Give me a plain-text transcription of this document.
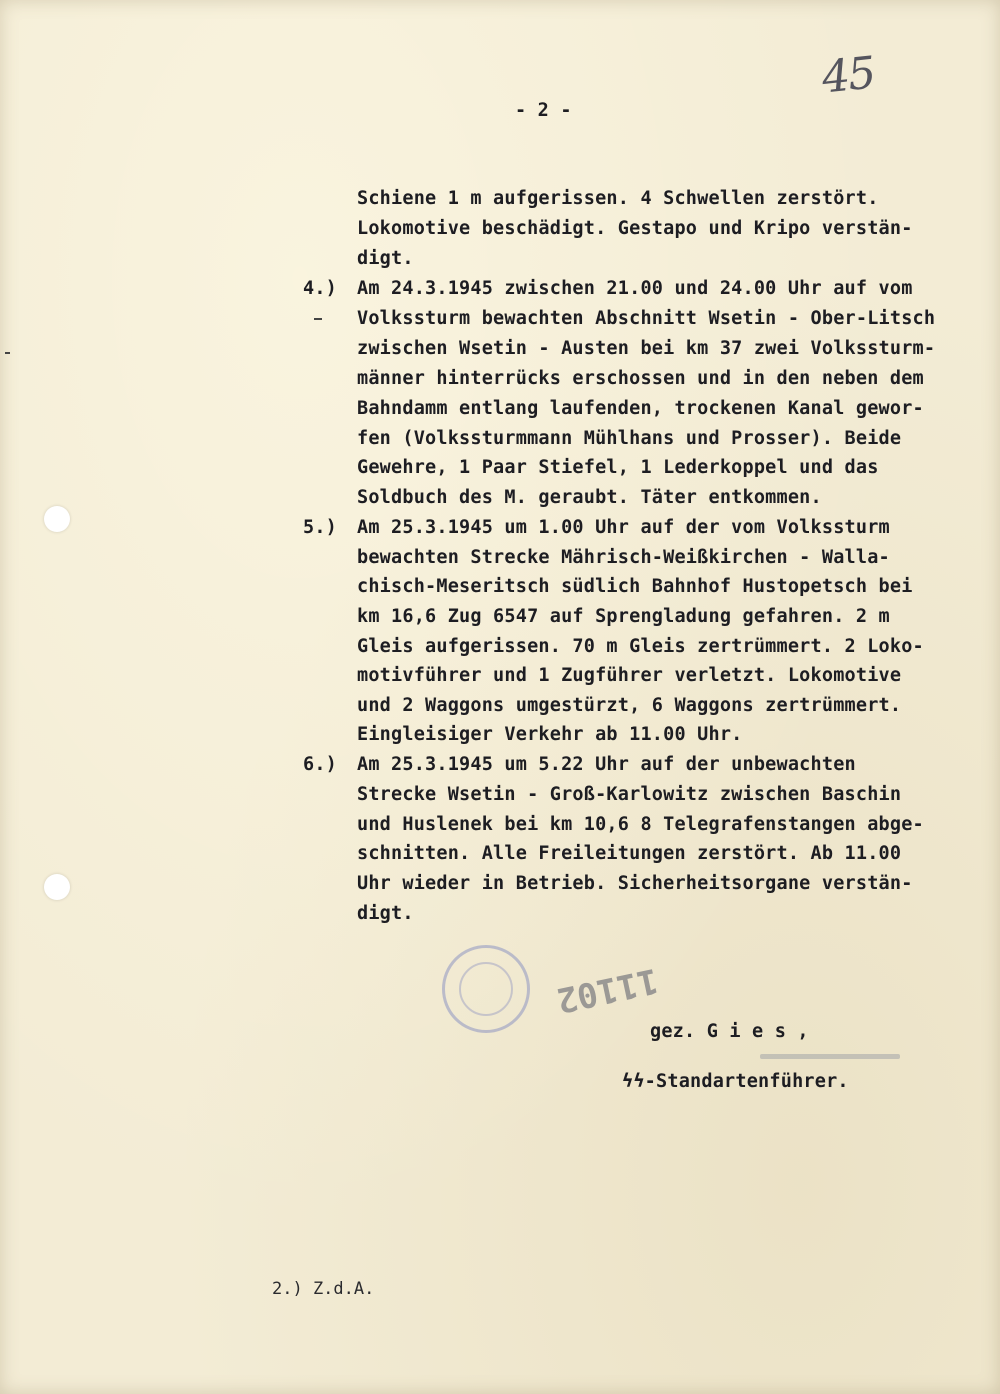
45
- 2 -
Schiene 1 m aufgerissen. 4 Schwellen zerstört.
Lokomotive beschädigt. Gestapo und Kripo verstän-
digt.
4.) Am 24.3.1945 zwischen 21.00 und 24.00 Uhr auf vom
Volkssturm bewachten Abschnitt Wsetin - Ober-Litsch
zwischen Wsetin - Austen bei km 37 zwei Volkssturm-
männer hinterrücks erschossen und in den neben dem
Bahndamm entlang laufenden, trockenen Kanal gewor-
fen (Volkssturmmann Mühlhans und Prosser). Beide
Gewehre, 1 Paar Stiefel, 1 Lederkoppel und das
Soldbuch des M. geraubt. Täter entkommen.
5.) Am 25.3.1945 um 1.00 Uhr auf der vom Volkssturm
bewachten Strecke Mährisch-Weißkirchen - Walla-
chisch-Meseritsch südlich Bahnhof Hustopetsch bei
km 16,6 Zug 6547 auf Sprengladung gefahren. 2 m
Gleis aufgerissen. 70 m Gleis zertrümmert. 2 Loko-
motivführer und 1 Zugführer verletzt. Lokomotive
und 2 Waggons umgestürzt, 6 Waggons zertrümmert.
Eingleisiger Verkehr ab 11.00 Uhr.
6.) Am 25.3.1945 um 5.22 Uhr auf der unbewachten
Strecke Wsetin - Groß-Karlowitz zwischen Baschin
und Huslenek bei km 10,6 8 Telegrafenstangen abge-
schnitten. Alle Freileitungen zerstört. Ab 11.00
Uhr wieder in Betrieb. Sicherheitsorgane verstän-
digt.
11102
gez. G i e s ,
ϟϟ-Standartenführer.
2.) Z.d.A.
